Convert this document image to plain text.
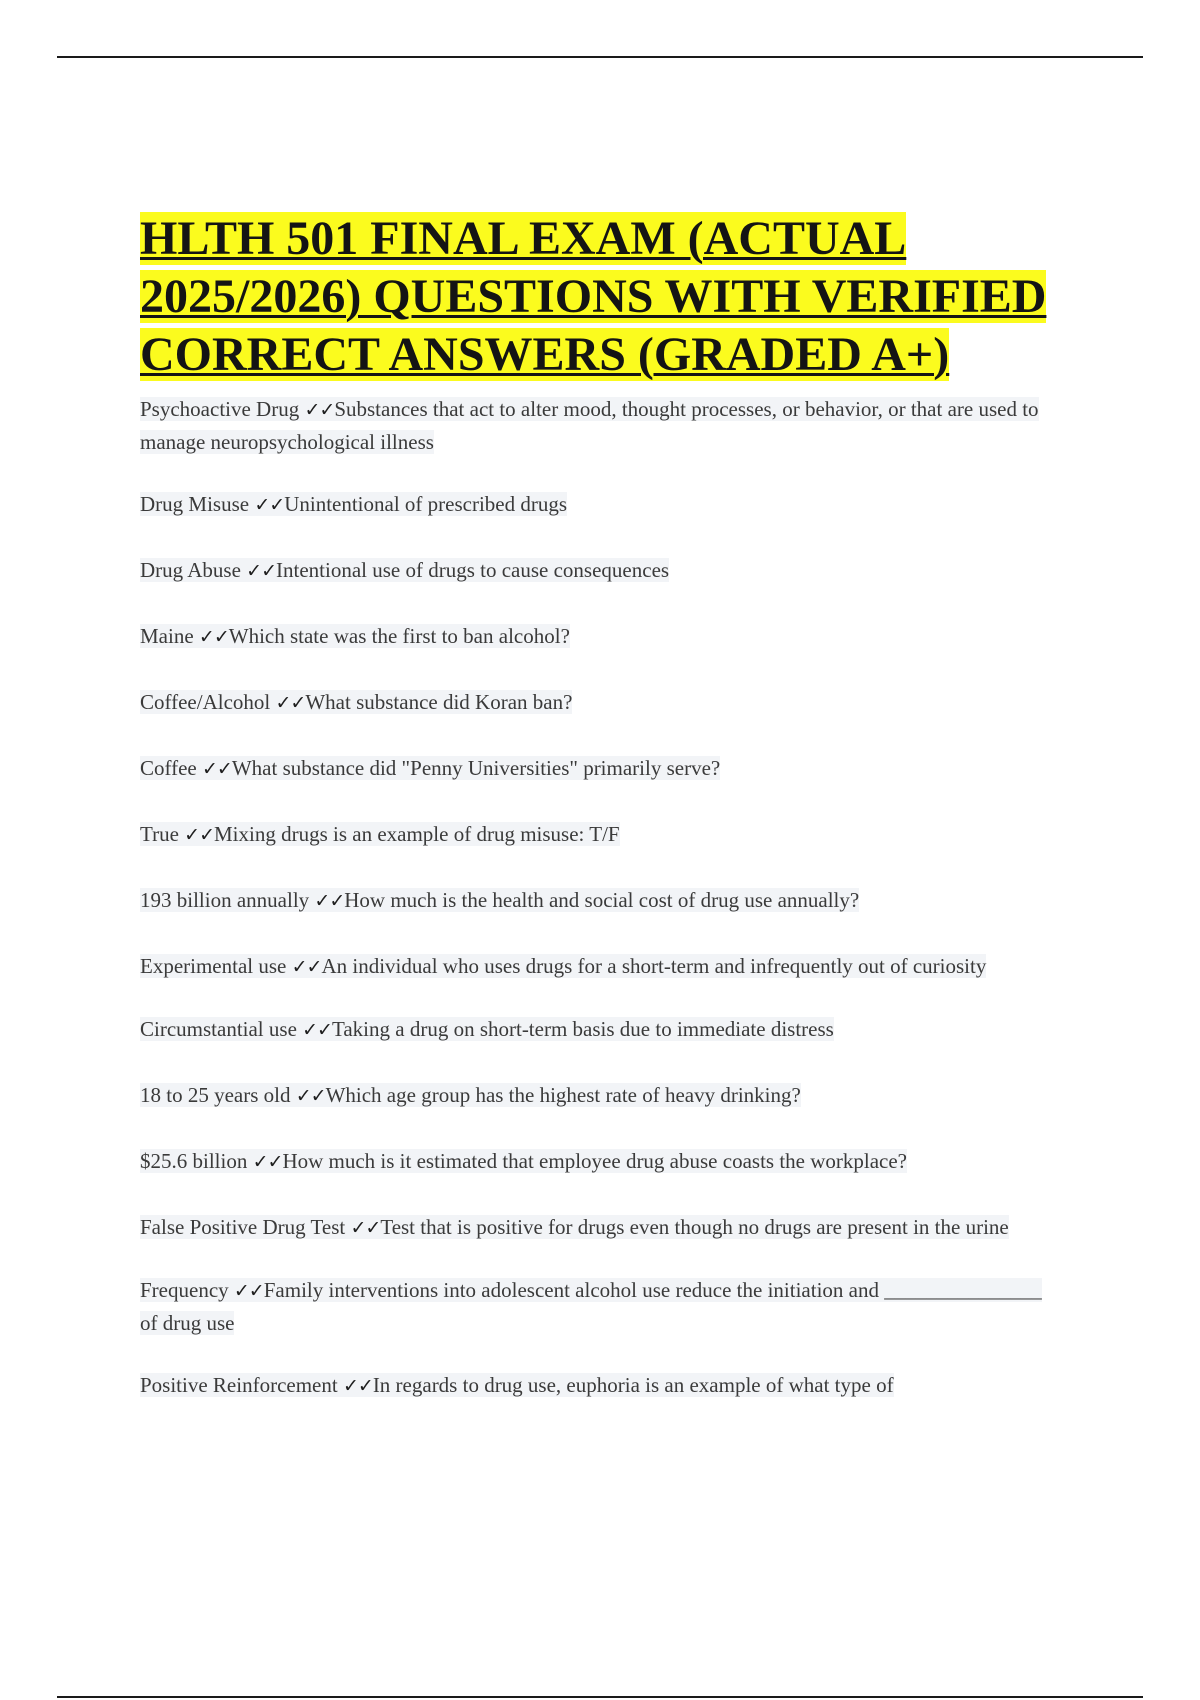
HLTH 501 FINAL EXAM (ACTUAL 2025/2026) QUESTIONS WITH VERIFIED CORRECT ANSWERS (GRADED A+)

Psychoactive Drug ✓✓Substances that act to alter mood, thought processes, or behavior, or that are used to manage neuropsychological illness

Drug Misuse ✓✓Unintentional of prescribed drugs

Drug Abuse ✓✓Intentional use of drugs to cause consequences

Maine ✓✓Which state was the first to ban alcohol?

Coffee/Alcohol ✓✓What substance did Koran ban?

Coffee ✓✓What substance did "Penny Universities" primarily serve?

True ✓✓Mixing drugs is an example of drug misuse: T/F

193 billion annually ✓✓How much is the health and social cost of drug use annually?

Experimental use ✓✓An individual who uses drugs for a short-term and infrequently out of curiosity

Circumstantial use ✓✓Taking a drug on short-term basis due to immediate distress

18 to 25 years old ✓✓Which age group has the highest rate of heavy drinking?

$25.6 billion ✓✓How much is it estimated that employee drug abuse coasts the workplace?

False Positive Drug Test ✓✓Test that is positive for drugs even though no drugs are present in the urine

Frequency ✓✓Family interventions into adolescent alcohol use reduce the initiation and _______________ of drug use

Positive Reinforcement ✓✓In regards to drug use, euphoria is an example of what type of
